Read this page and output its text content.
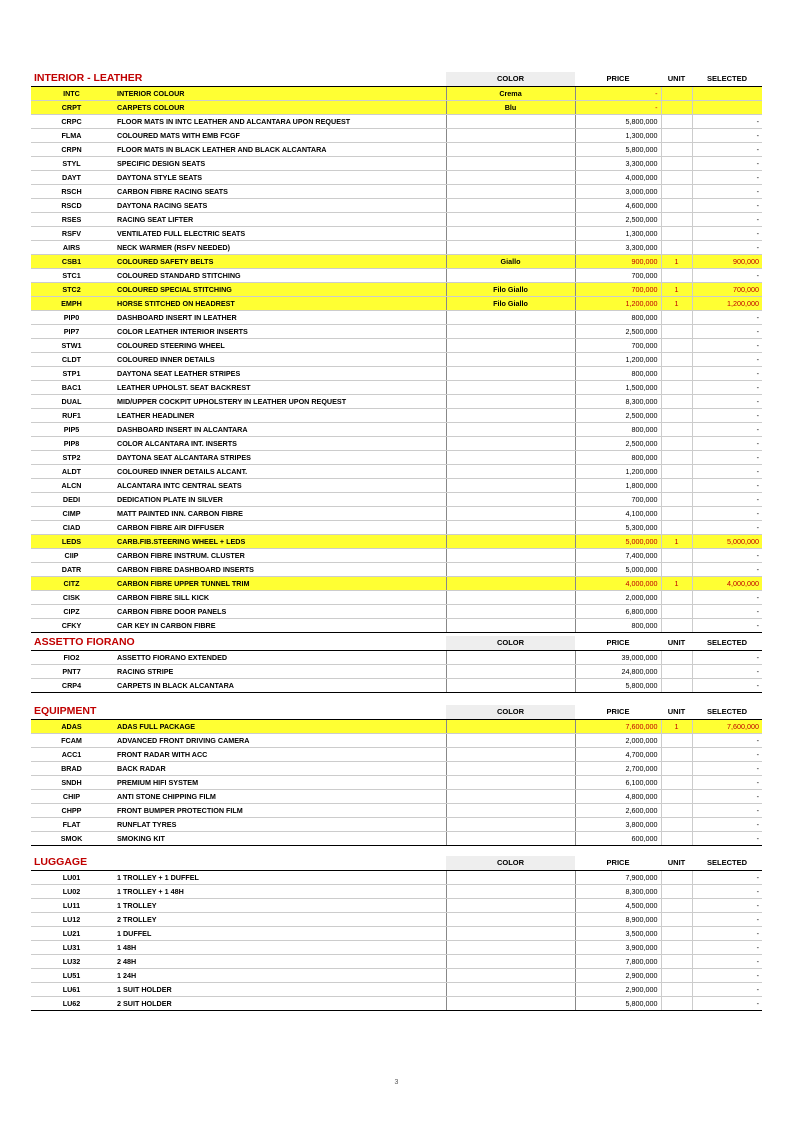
INTERIOR - LEATHER		COLOR	PRICE	UNIT	SELECTED
INTC	INTERIOR COLOUR	Crema	-		
CRPT	CARPETS COLOUR	Blu	-		
CRPC	FLOOR MATS IN INTC LEATHER AND ALCANTARA UPON REQUEST		5,800,000		-
FLMA	COLOURED MATS WITH EMB FCGF		1,300,000		-
CRPN	FLOOR MATS IN BLACK LEATHER AND BLACK ALCANTARA		5,800,000		-
STYL	SPECIFIC DESIGN SEATS		3,300,000		-
DAYT	DAYTONA STYLE SEATS		4,000,000		-
RSCH	CARBON FIBRE RACING SEATS		3,000,000		-
RSCD	DAYTONA RACING SEATS		4,600,000		-
RSES	RACING SEAT LIFTER		2,500,000		-
RSFV	VENTILATED FULL ELECTRIC SEATS		1,300,000		-
AIRS	NECK WARMER (RSFV NEEDED)		3,300,000		-
CSB1	COLOURED SAFETY BELTS	Giallo	900,000	1	900,000
STC1	COLOURED STANDARD STITCHING		700,000		-
STC2	COLOURED SPECIAL STITCHING	Filo Giallo	700,000	1	700,000
EMPH	HORSE STITCHED ON HEADREST	Filo Giallo	1,200,000	1	1,200,000
PIP0	DASHBOARD INSERT IN LEATHER		800,000		-
PIP7	COLOR LEATHER INTERIOR INSERTS		2,500,000		-
STW1	COLOURED STEERING WHEEL		700,000		-
CLDT	COLOURED INNER DETAILS		1,200,000		-
STP1	DAYTONA SEAT LEATHER STRIPES		800,000		-
BAC1	LEATHER UPHOLST. SEAT BACKREST		1,500,000		-
DUAL	MID/UPPER COCKPIT UPHOLSTERY IN LEATHER UPON REQUEST		8,300,000		-
RUF1	LEATHER HEADLINER		2,500,000		-
PIP5	DASHBOARD INSERT IN ALCANTARA		800,000		-
PIP8	COLOR ALCANTARA INT. INSERTS		2,500,000		-
STP2	DAYTONA SEAT ALCANTARA STRIPES		800,000		-
ALDT	COLOURED INNER DETAILS ALCANT.		1,200,000		-
ALCN	ALCANTARA INTC CENTRAL SEATS		1,800,000		-
DEDI	DEDICATION PLATE IN SILVER		700,000		-
CIMP	MATT PAINTED INN. CARBON FIBRE		4,100,000		-
CIAD	CARBON FIBRE AIR DIFFUSER		5,300,000		-
LEDS	CARB.FIB.STEERING WHEEL + LEDS		5,000,000	1	5,000,000
CIIP	CARBON FIBRE INSTRUM. CLUSTER		7,400,000		-
DATR	CARBON FIBRE DASHBOARD INSERTS		5,000,000		-
CITZ	CARBON FIBRE UPPER TUNNEL TRIM		4,000,000	1	4,000,000
CISK	CARBON FIBRE SILL KICK		2,000,000		-
CIPZ	CARBON FIBRE DOOR PANELS		6,800,000		-
CFKY	CAR KEY IN CARBON FIBRE		800,000		-
ASSETTO FIORANO		COLOR	PRICE	UNIT	SELECTED
FIO2	ASSETTO FIORANO EXTENDED		39,000,000		-
PNT7	RACING STRIPE		24,800,000		-
CRP4	CARPETS IN BLACK ALCANTARA		5,800,000		-
EQUIPMENT		COLOR	PRICE	UNIT	SELECTED
ADAS	ADAS FULL PACKAGE		7,600,000	1	7,600,000
FCAM	ADVANCED FRONT DRIVING CAMERA		2,000,000		-
ACC1	FRONT RADAR WITH ACC		4,700,000		-
BRAD	BACK RADAR		2,700,000		-
SNDH	PREMIUM HIFI SYSTEM		6,100,000		-
CHIP	ANTI STONE CHIPPING FILM		4,800,000		-
CHPP	FRONT BUMPER PROTECTION FILM		2,600,000		-
FLAT	RUNFLAT TYRES		3,800,000		-
SMOK	SMOKING KIT		600,000		-
LUGGAGE		COLOR	PRICE	UNIT	SELECTED
LU01	1 TROLLEY + 1 DUFFEL		7,900,000		-
LU02	1 TROLLEY + 1 48H		8,300,000		-
LU11	1 TROLLEY		4,500,000		-
LU12	2 TROLLEY		8,900,000		-
LU21	1 DUFFEL		3,500,000		-
LU31	1 48H		3,900,000		-
LU32	2 48H		7,800,000		-
LU51	1 24H		2,900,000		-
LU61	1 SUIT HOLDER		2,900,000		-
LU62	2 SUIT HOLDER		5,800,000		-
3
